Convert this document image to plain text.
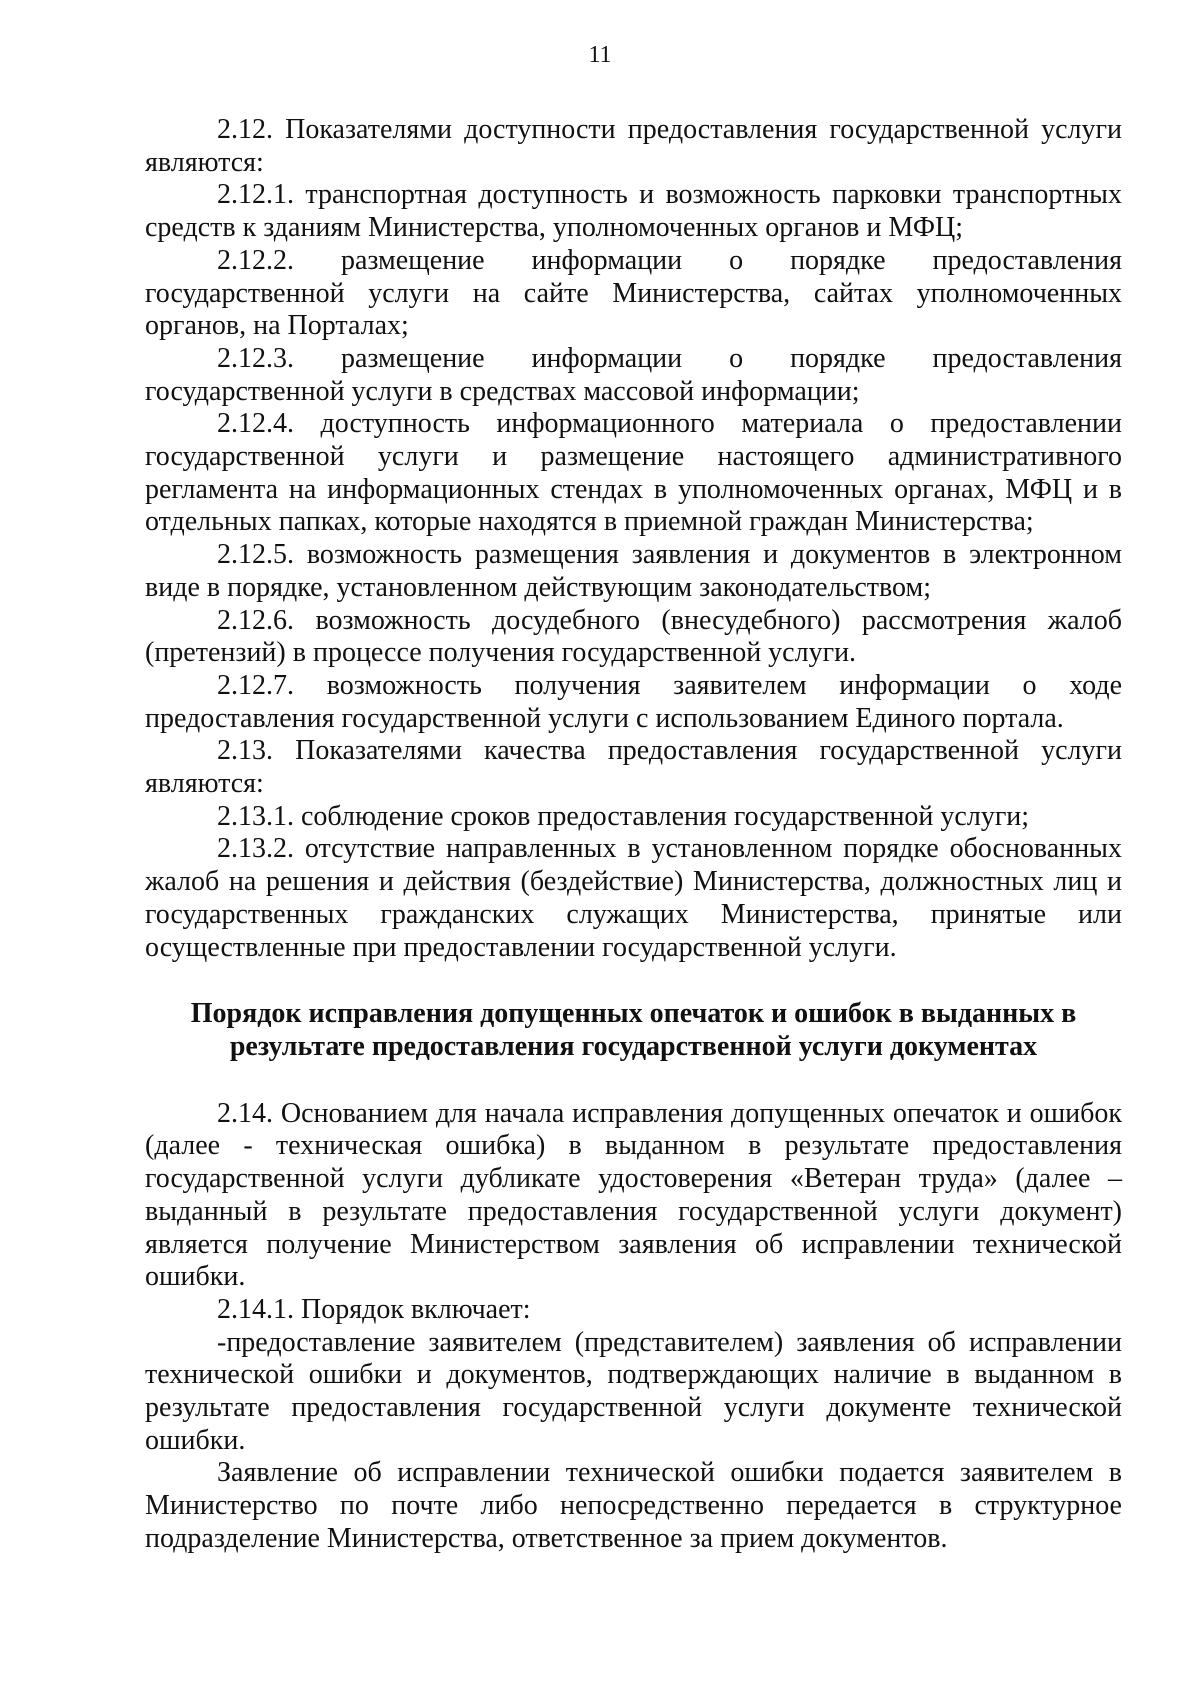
11

2.12. Показателями доступности предоставления государственной услуги являются:

2.12.1. транспортная доступность и возможность парковки транспортных средств к зданиям Министерства, уполномоченных органов и МФЦ;

2.12.2. размещение информации о порядке предоставления государственной услуги на сайте Министерства, сайтах уполномоченных органов, на Порталах;

2.12.3. размещение информации о порядке предоставления государственной услуги в средствах массовой информации;

2.12.4. доступность информационного материала о предоставлении государственной услуги и размещение настоящего административного регламента на информационных стендах в уполномоченных органах, МФЦ и в отдельных папках, которые находятся в приемной граждан Министерства;

2.12.5. возможность размещения заявления и документов в электронном виде в порядке, установленном действующим законодательством;

2.12.6. возможность досудебного (внесудебного) рассмотрения жалоб (претензий) в процессе получения государственной услуги.

2.12.7. возможность получения заявителем информации о ходе предоставления государственной услуги с использованием Единого портала.

2.13. Показателями качества предоставления государственной услуги являются:

2.13.1. соблюдение сроков предоставления государственной услуги;

2.13.2. отсутствие направленных в установленном порядке обоснованных жалоб на решения и действия (бездействие) Министерства, должностных лиц и государственных гражданских служащих Министерства, принятые или осуществленные при предоставлении государственной услуги.

Порядок исправления допущенных опечаток и ошибок в выданных в
результате предоставления государственной услуги документах

2.14. Основанием для начала исправления допущенных опечаток и ошибок (далее - техническая ошибка) в выданном в результате предоставления государственной услуги дубликате удостоверения «Ветеран труда» (далее – выданный в результате предоставления государственной услуги документ) является получение Министерством заявления об исправлении технической ошибки.

2.14.1. Порядок включает:

-предоставление заявителем (представителем) заявления об исправлении технической ошибки и документов, подтверждающих наличие в выданном в результате предоставления государственной услуги документе технической ошибки.

Заявление об исправлении технической ошибки подается заявителем в Министерство по почте либо непосредственно передается в структурное подразделение Министерства, ответственное за прием документов.
